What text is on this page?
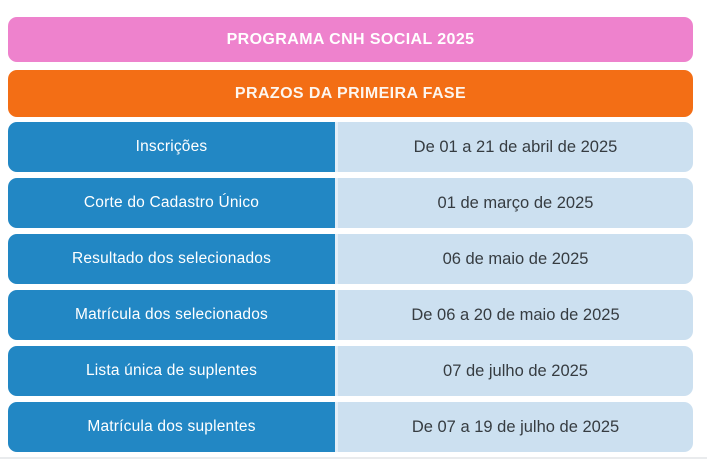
PROGRAMA CNH SOCIAL 2025
PRAZOS DA PRIMEIRA FASE
Inscrições	De 01 a 21 de abril de 2025
Corte do Cadastro Único	01 de março de 2025
Resultado dos selecionados	06 de maio de 2025
Matrícula dos selecionados	De 06 a 20 de maio de 2025
Lista única de suplentes	07 de julho de 2025
Matrícula dos suplentes	De 07 a 19 de julho de 2025
